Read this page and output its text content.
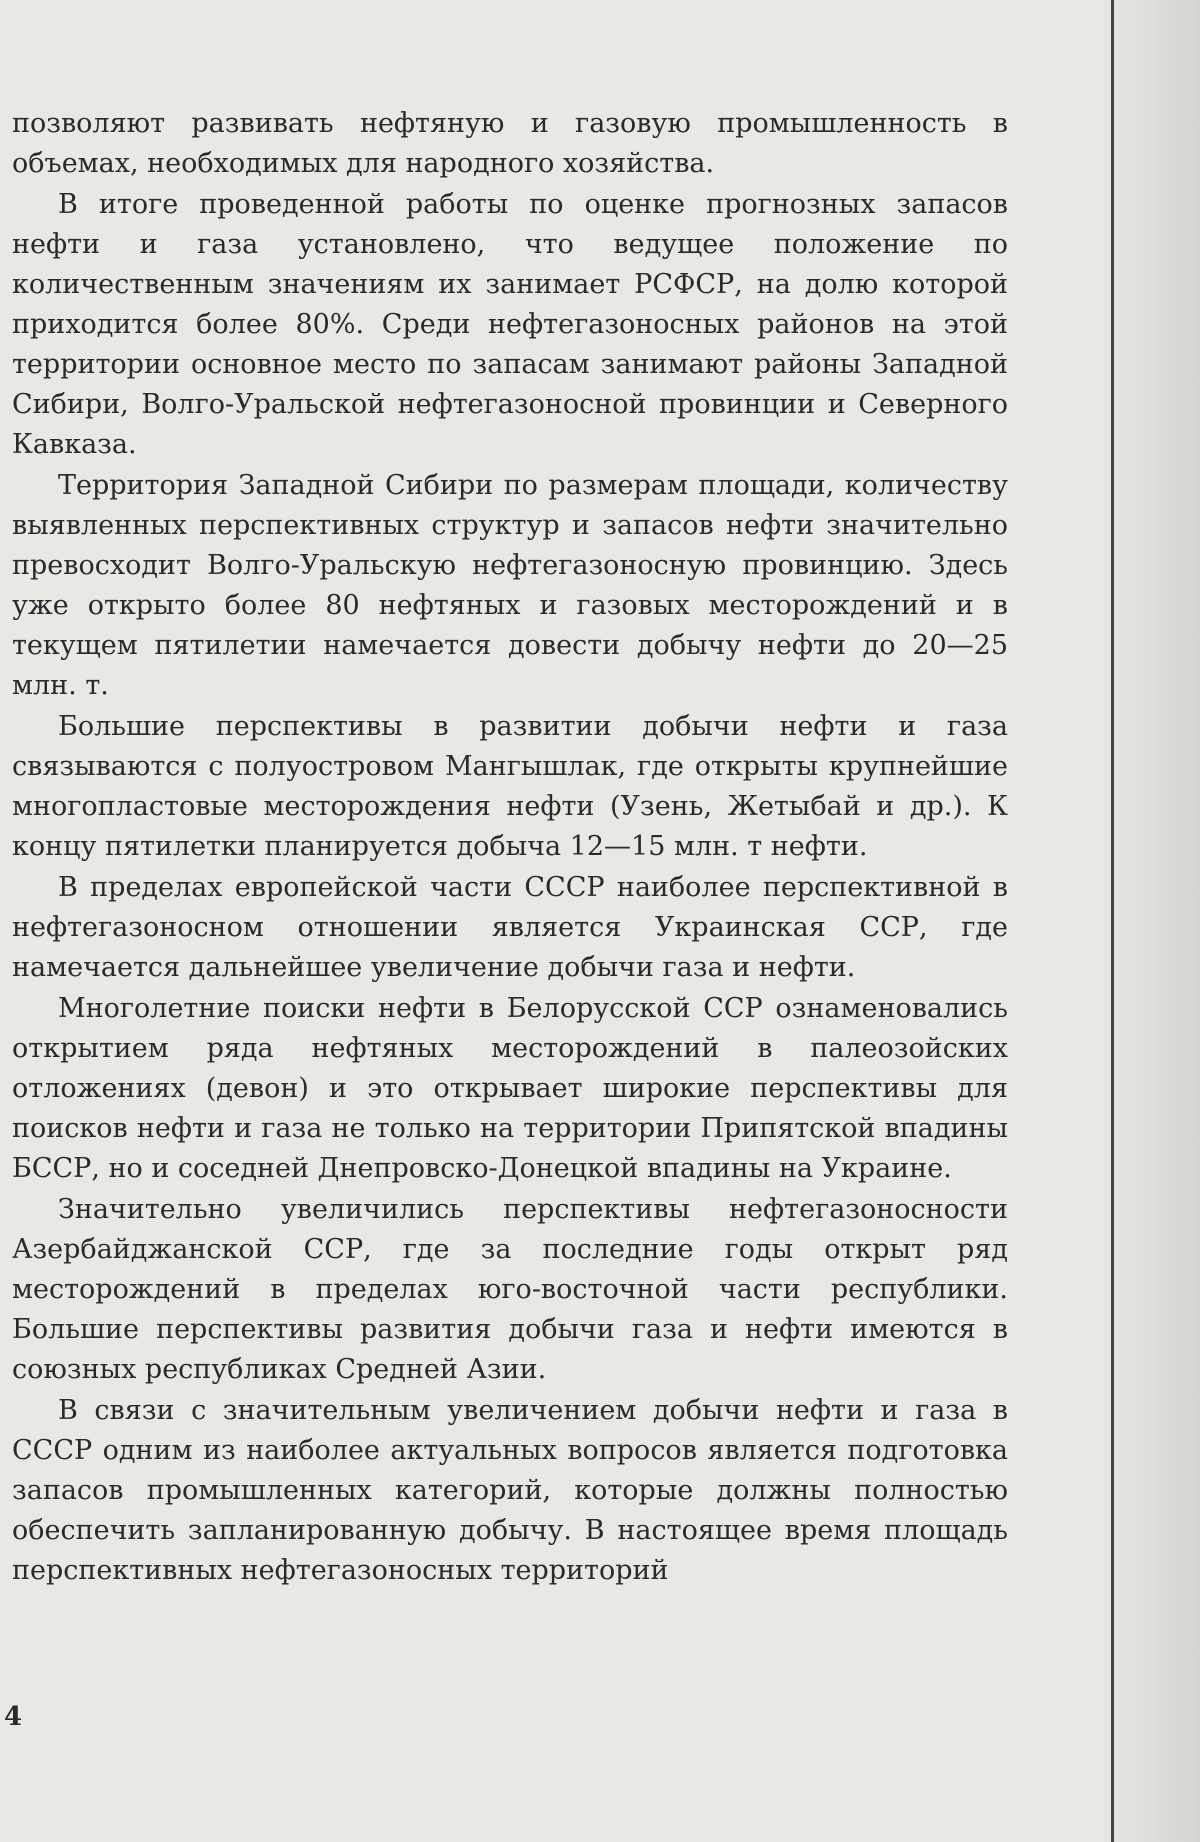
позволяют развивать нефтяную и газовую промышленность в объемах, необходимых для народного хозяйства.

В итоге проведенной работы по оценке прогнозных запасов нефти и газа установлено, что ведущее положение по количественным значениям их занимает РСФСР, на долю которой приходится более 80%. Среди нефтегазоносных районов на этой территории основное место по запасам занимают районы Западной Сибири, Волго-Уральской нефтегазоносной провинции и Северного Кавказа.

Территория Западной Сибири по размерам площади, количеству выявленных перспективных структур и запасов нефти значительно превосходит Волго-Уральскую нефтегазоносную провинцию. Здесь уже открыто более 80 нефтяных и газовых месторождений и в текущем пятилетии намечается довести добычу нефти до 20—25 млн. т.

Большие перспективы в развитии добычи нефти и газа связываются с полуостровом Мангышлак, где открыты крупнейшие многопластовые месторождения нефти (Узень, Жетыбай и др.). К концу пятилетки планируется добыча 12—15 млн. т нефти.

В пределах европейской части СССР наиболее перспективной в нефтегазоносном отношении является Украинская ССР, где намечается дальнейшее увеличение добычи газа и нефти.

Многолетние поиски нефти в Белорусской ССР ознаменовались открытием ряда нефтяных месторождений в палеозойских отложениях (девон) и это открывает широкие перспективы для поисков нефти и газа не только на территории Припятской впадины БССР, но и соседней Днепровско-Донецкой впадины на Украине.

Значительно увеличились перспективы нефтегазоносности Азербайджанской ССР, где за последние годы открыт ряд месторождений в пределах юго-восточной части республики. Большие перспективы развития добычи газа и нефти имеются в союзных республиках Средней Азии.

В связи с значительным увеличением добычи нефти и газа в СССР одним из наиболее актуальных вопросов является подготовка запасов промышленных категорий, которые должны полностью обеспечить запланированную добычу. В настоящее время площадь перспективных нефтегазоносных территорий

4
